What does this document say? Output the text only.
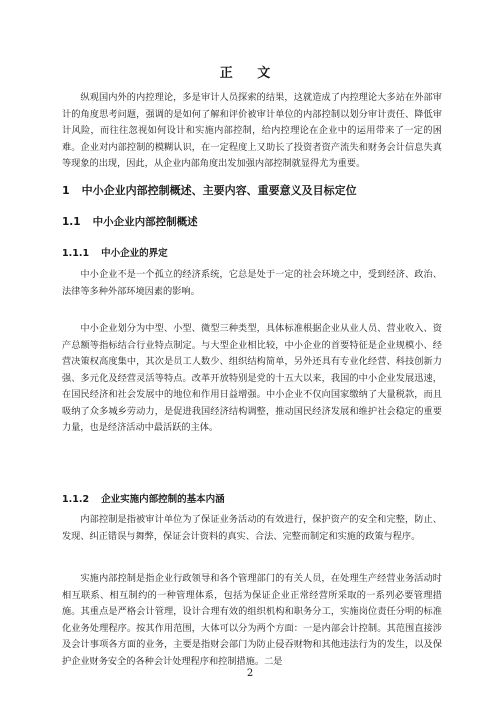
正 文

纵观国内外的内控理论，多是审计人员探索的结果，这就造成了内控理论大多站在外部审计的角度思考问题，强调的是如何了解和评价被审计单位的内部控制以划分审计责任、降低审计风险，而往往忽视如何设计和实施内部控制，给内控理论在企业中的运用带来了一定的困难。企业对内部控制的模糊认识，在一定程度上又助长了投资者资产流失和财务会计信息失真等现象的出现，因此，从企业内部角度出发加强内部控制就显得尤为重要。

1 中小企业内部控制概述、主要内容、重要意义及目标定位
1.1 中小企业内部控制概述
1.1.1 中小企业的界定

中小企业不是一个孤立的经济系统，它总是处于一定的社会环境之中，受到经济、政治、法律等多种外部环境因素的影响。

中小企业划分为中型、小型、微型三种类型，具体标准根据企业从业人员、营业收入、资产总额等指标结合行业特点制定。与大型企业相比较，中小企业的首要特征是企业规模小、经营决策权高度集中，其次是员工人数少、组织结构简单，另外还具有专业化经营、科技创新力强、多元化及经营灵活等特点。改革开放特别是党的十五大以来，我国的中小企业发展迅速，在国民经济和社会发展中的地位和作用日益增强。中小企业不仅向国家缴纳了大量税款，而且吸纳了众多城乡劳动力，是促进我国经济结构调整，推动国民经济发展和维护社会稳定的重要力量，也是经济活动中最活跃的主体。

1.1.2 企业实施内部控制的基本内涵

内部控制是指被审计单位为了保证业务活动的有效进行，保护资产的安全和完整，防止、发现、纠正错误与舞弊，保证会计资料的真实、合法、完整而制定和实施的政策与程序。

实施内部控制是指企业行政领导和各个管理部门的有关人员，在处理生产经营业务活动时相互联系、相互制约的一种管理体系，包括为保证企业正常经营所采取的一系列必要管理措施。其重点是严格会计管理，设计合理有效的组织机构和职务分工，实施岗位责任分明的标准化业务处理程序。按其作用范围，大体可以分为两个方面：一是内部会计控制。其范围直接涉及会计事项各方面的业务，主要是指财会部门为防止侵吞财物和其他违法行为的发生，以及保护企业财务安全的各种会计处理程序和控制措施。二是

2
